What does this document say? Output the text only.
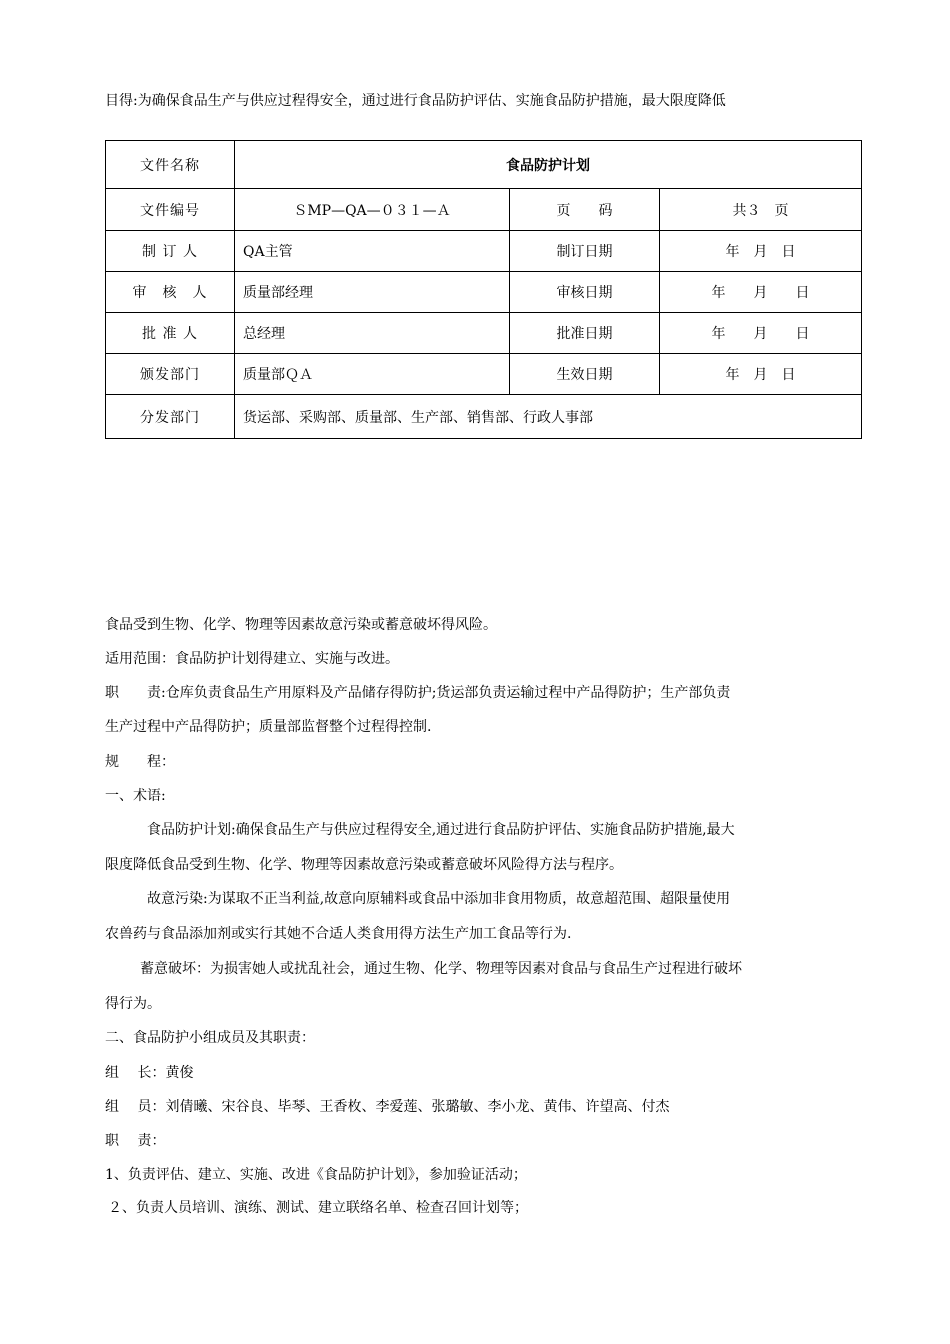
目得:为确保食品生产与供应过程得安全，通过进行食品防护评估、实施食品防护措施，最大限度降低
文件名称	食品防护计划		
文件编号	ＳMP—QA—０３１—Ａ	页　　码	共３　页
制 订 人	QA主管	制订日期	年　月　日
审　核　人	质量部经理	审核日期	年　　月　　日
批 准 人	总经理	批准日期	年　　月　　日
颁发部门	质量部ＱＡ	生效日期	年　月　日
分发部门	货运部、采购部、质量部、生产部、销售部、行政人事部		
食品受到生物、化学、物理等因素故意污染或蓄意破坏得风险。
适用范围：食品防护计划得建立、实施与改进。
职　　责:仓库负责食品生产用原料及产品储存得防护;货运部负责运输过程中产品得防护；生产部负责
生产过程中产品得防护；质量部监督整个过程得控制.
规　　程：
一、术语:
食品防护计划:确保食品生产与供应过程得安全,通过进行食品防护评估、实施食品防护措施,最大
限度降低食品受到生物、化学、物理等因素故意污染或蓄意破坏风险得方法与程序。
故意污染:为谋取不正当利益,故意向原辅料或食品中添加非食用物质，故意超范围、超限量使用
农兽药与食品添加剂或实行其她不合适人类食用得方法生产加工食品等行为.
蓄意破坏：为损害她人或扰乱社会，通过生物、化学、物理等因素对食品与食品生产过程进行破坏
得行为。
二、食品防护小组成员及其职责：
组　 长：黄俊
组　 员：刘倩曦、宋谷良、毕琴、王香枚、李爱莲、张璐敏、李小龙、黄伟、许望高、付杰
职　 责：
1、负责评估、建立、实施、改进《食品防护计划》，参加验证活动；
２、负责人员培训、演练、测试、建立联络名单、检查召回计划等；
